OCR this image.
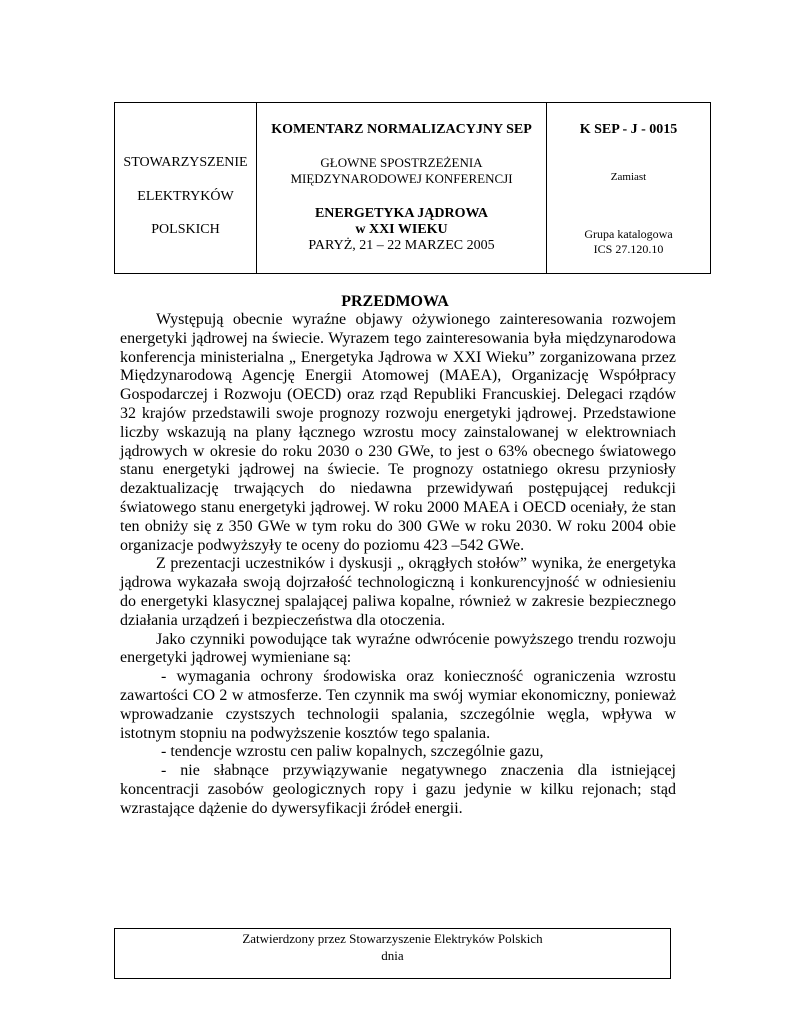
STOWARZYSZENIE
ELEKTRYKÓW
POLSKICH
KOMENTARZ NORMALIZACYJNY SEP
GŁOWNE SPOSTRZEŻENIA
MIĘDZYNARODOWEJ KONFERENCJI
ENERGETYKA JĄDROWA
w XXI WIEKU
PARYŻ, 21 – 22 MARZEC 2005
K SEP - J - 0015
Zamiast
Grupa katalogowa
ICS 27.120.10
PRZEDMOWA

Występują obecnie wyraźne objawy ożywionego zainteresowania rozwojem energetyki jądrowej na świecie. Wyrazem tego zainteresowania była międzynarodowa konferencja ministerialna „ Energetyka Jądrowa w XXI Wieku” zorganizowana przez Międzynarodową Agencję Energii Atomowej (MAEA), Organizację Współpracy Gospodarczej i Rozwoju (OECD) oraz rząd Republiki Francuskiej. Delegaci rządów 32 krajów przedstawili swoje prognozy rozwoju energetyki jądrowej. Przedstawione liczby wskazują na plany łącznego wzrostu mocy zainstalowanej w elektrowniach jądrowych w okresie do roku 2030 o 230 GWe, to jest o 63% obecnego światowego stanu energetyki jądrowej na świecie. Te prognozy ostatniego okresu przyniosły dezaktualizację trwających do niedawna przewidywań postępującej redukcji światowego stanu energetyki jądrowej. W roku 2000 MAEA i OECD oceniały, że stan ten obniży się z 350 GWe w tym roku do 300 GWe w roku 2030. W roku 2004 obie organizacje podwyższyły te oceny do poziomu 423 –542 GWe.

Z prezentacji uczestników i dyskusji „ okrągłych stołów” wynika, że energetyka jądrowa wykazała swoją dojrzałość technologiczną i konkurencyjność w odniesieniu do energetyki klasycznej spalającej paliwa kopalne, również w zakresie bezpiecznego działania urządzeń i bezpieczeństwa dla otoczenia.

Jako czynniki powodujące tak wyraźne odwrócenie powyższego trendu rozwoju energetyki jądrowej wymieniane są:

- wymagania ochrony środowiska oraz konieczność ograniczenia wzrostu zawartości CO 2 w atmosferze. Ten czynnik ma swój wymiar ekonomiczny, ponieważ wprowadzanie czystszych technologii spalania, szczególnie węgla, wpływa w istotnym stopniu na podwyższenie kosztów tego spalania.

- tendencje wzrostu cen paliw kopalnych, szczególnie gazu,

- nie słabnące przywiązywanie negatywnego znaczenia dla istniejącej koncentracji zasobów geologicznych ropy i gazu jedynie w kilku rejonach; stąd wzrastające dążenie do dywersyfikacji źródeł energii.

Zatwierdzony przez Stowarzyszenie Elektryków Polskich
dnia
